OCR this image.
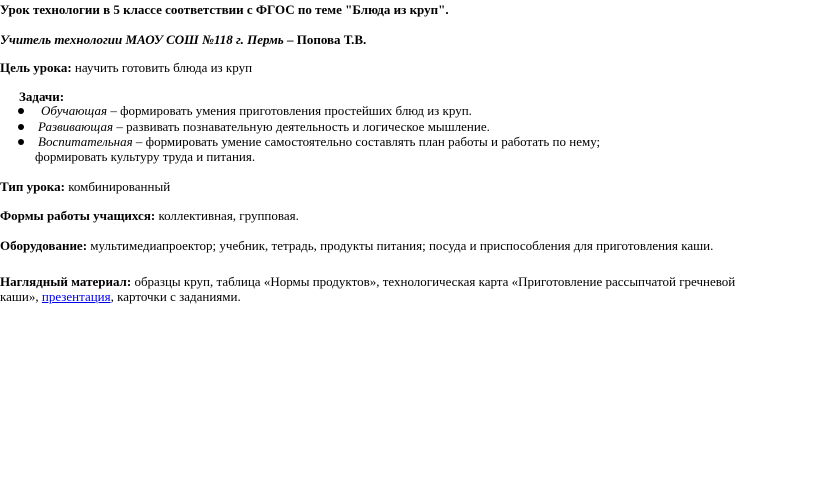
Урок технологии в 5 классе соответствии с ФГОС по теме "Блюда из круп".
Учитель технологии МАОУ СОШ №118 г. Пермь – Попова Т.В.
Цель урока: научить готовить блюда из круп
Задачи:
Обучающая – формировать умения приготовления простейших блюд из круп.
Развивающая – развивать познавательную деятельность и логическое мышление.
Воспитательная – формировать умение самостоятельно составлять план работы и работать по нему;
формировать культуру труда и питания.
Тип урока: комбинированный
Формы работы учащихся: коллективная, групповая.
Оборудование: мультимедиапроектор; учебник, тетрадь, продукты питания; посуда и приспособления для приготовления каши.
Наглядный материал: образцы круп, таблица «Нормы продуктов», технологическая карта «Приготовление рассыпчатой гречневой
каши», презентация, карточки с заданиями.
